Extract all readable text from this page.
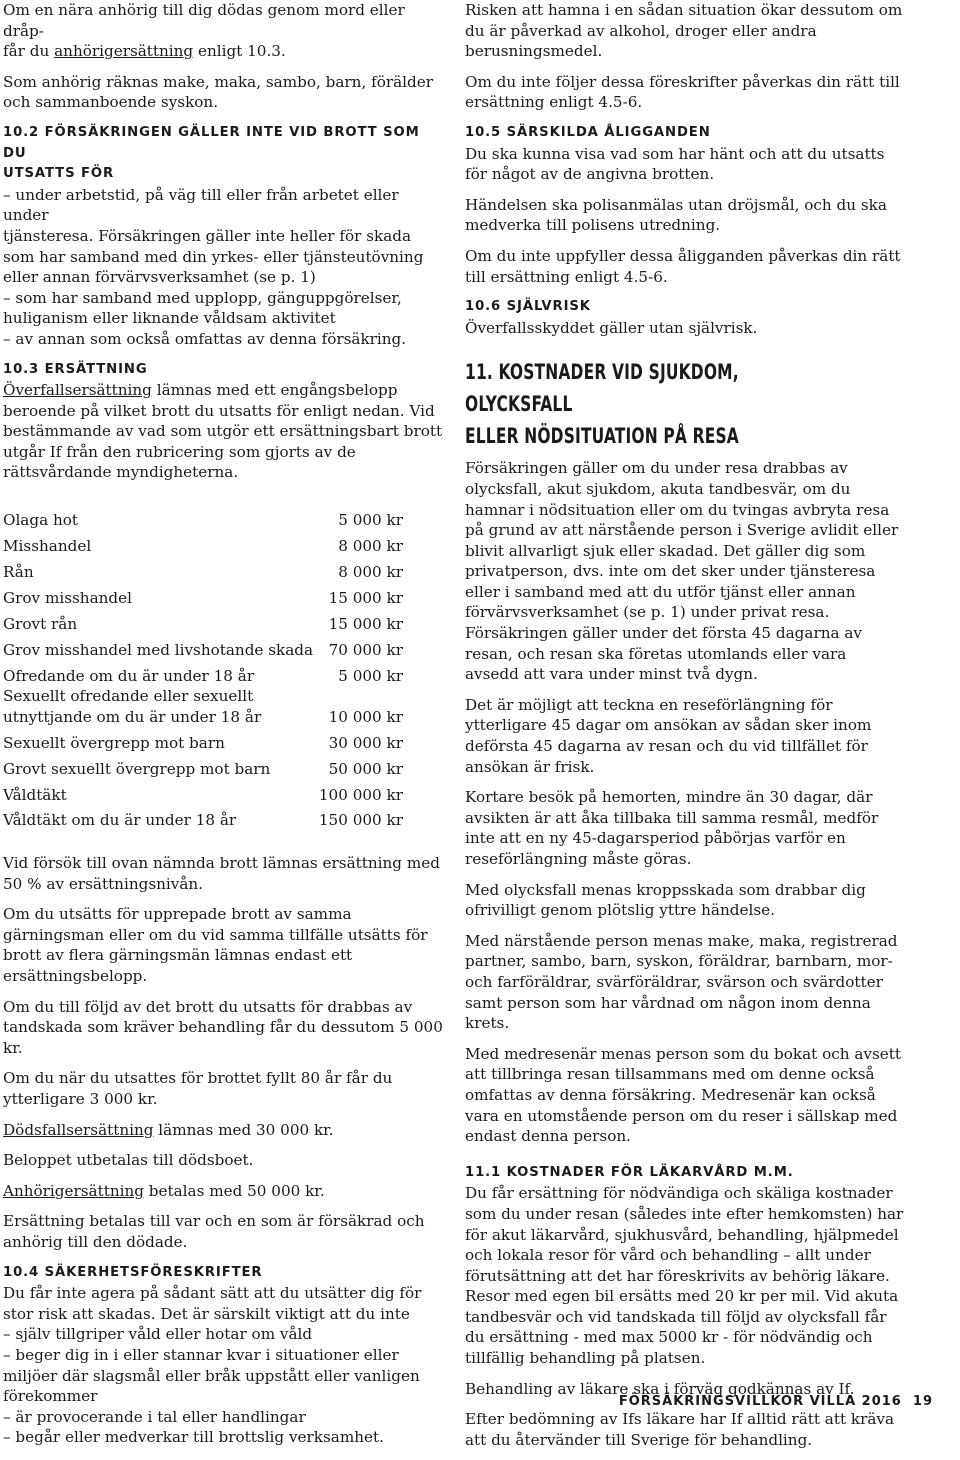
Om en nära anhörig till dig dödas genom mord eller dråp-
får du anhörigersättning enligt 10.3.

Som anhörig räknas make, maka, sambo, barn, förälder och sammanboende syskon.

10.2 FÖRSÄKRINGEN GÄLLER INTE VID BROTT SOM DU
UTSATTS FÖR
– under arbetstid, på väg till eller från arbetet eller under
tjänsteresa. Försäkringen gäller inte heller för skada som har samband med din yrkes- eller tjänsteutövning eller annan förvärvsverksamhet (se p. 1)
– som har samband med upplopp, gänguppgörelser, huliganism eller liknande våldsam aktivitet

– av annan som också omfattas av denna försäkring.

10.3 ERSÄTTNING

Överfallsersättning lämnas med ett engångsbelopp beroende på vilket brott du utsatts för enligt nedan. Vid bestämmande av vad som utgör ett ersättningsbart brott utgår If från den rubricering som gjorts av de rättsvårdande myndigheterna.

Olaga hot	5 000 kr
Misshandel	8 000 kr
Rån	8 000 kr
Grov misshandel	15 000 kr
Grovt rån	15 000 kr
Grov misshandel med livshotande skada	70 000 kr
Ofredande om du är under 18 år	5 000 kr
Sexuellt ofredande eller sexuellt utnyttjande om du är under 18 år	10 000 kr
Sexuellt övergrepp mot barn	30 000 kr
Grovt sexuellt övergrepp mot barn	50 000 kr
Våldtäkt	100 000 kr
Våldtäkt om du är under 18 år	150 000 kr

Vid försök till ovan nämnda brott lämnas ersättning med 50 % av ersättningsnivån.

Om du utsätts för upprepade brott av samma gärningsman eller om du vid samma tillfälle utsätts för brott av flera gärningsmän lämnas endast ett ersättningsbelopp.

Om du till följd av det brott du utsatts för drabbas av tandskada som kräver behandling får du dessutom 5 000 kr.

Om du när du utsattes för brottet fyllt 80 år får du ytterligare 3 000 kr.

Dödsfallsersättning lämnas med 30 000 kr.

Beloppet utbetalas till dödsboet.

Anhörigersättning betalas med 50 000 kr.

Ersättning betalas till var och en som är försäkrad och anhörig till den dödade.

10.4 SÄKERHETSFÖRESKRIFTER
Du får inte agera på sådant sätt att du utsätter dig för stor risk att skadas. Det är särskilt viktigt att du inte
– själv tillgriper våld eller hotar om våld
– beger dig in i eller stannar kvar i situationer eller miljöer där slagsmål eller bråk uppstått eller vanligen förekommer
– är provocerande i tal eller handlingar
– begår eller medverkar till brottslig verksamhet.

Risken att hamna i en sådan situation ökar dessutom om du är påverkad av alkohol, droger eller andra berusningsmedel.

Om du inte följer dessa föreskrifter påverkas din rätt till ersättning enligt 4.5-6.

10.5 SÄRSKILDA ÅLIGGANDEN

Du ska kunna visa vad som har hänt och att du utsatts för något av de angivna brotten.

Händelsen ska polisanmälas utan dröjsmål, och du ska medverka till polisens utredning.

Om du inte uppfyller dessa åligganden påverkas din rätt till ersättning enligt 4.5-6.

10.6 SJÄLVRISK

Överfallsskyddet gäller utan självrisk.

11. KOSTNADER VID SJUKDOM, OLYCKSFALL
ELLER NÖDSITUATION PÅ RESA

Försäkringen gäller om du under resa drabbas av olycksfall, akut sjukdom, akuta tandbesvär, om du hamnar i nödsituation eller om du tvingas avbryta resa på grund av att närstående person i Sverige avlidit eller blivit allvarligt sjuk eller skadad. Det gäller dig som privatperson, dvs. inte om det sker under tjänsteresa eller i samband med att du utför tjänst eller annan förvärvsverksamhet (se p. 1) under privat resa. Försäkringen gäller under det första 45 dagarna av resan, och resan ska företas utomlands eller vara avsedd att vara under minst två dygn.

Det är möjligt att teckna en reseförlängning för ytterligare 45 dagar om ansökan av sådan sker inom deförsta 45 dagarna av resan och du vid tillfället för ansökan är frisk.

Kortare besök på hemorten, mindre än 30 dagar, där avsikten är att åka tillbaka till samma resmål, medför inte att en ny 45-dagarsperiod påbörjas varför en reseförlängning måste göras.

Med olycksfall menas kroppsskada som drabbar dig ofrivilligt genom plötslig yttre händelse.

Med närstående person menas make, maka, registrerad partner, sambo, barn, syskon, föräldrar, barnbarn, mor- och farföräldrar, svärföräldrar, svärson och svärdotter samt person som har vårdnad om någon inom denna krets.

Med medresenär menas person som du bokat och avsett att tillbringa resan tillsammans med om denne också omfattas av denna försäkring. Medresenär kan också vara en utomstående person om du reser i sällskap med endast denna person.

11.1 KOSTNADER FÖR LÄKARVÅRD M.M.

Du får ersättning för nödvändiga och skäliga kostnader som du under resan (således inte efter hemkomsten) har för akut läkarvård, sjukhusvård, behandling, hjälpmedel och lokala resor för vård och behandling – allt under förutsättning att det har föreskrivits av behörig läkare. Resor med egen bil ersätts med 20 kr per mil. Vid akuta tandbesvär och vid tandskada till följd av olycksfall får du ersättning - med max 5000 kr - för nödvändig och tillfällig behandling på platsen.

Behandling av läkare ska i förväg godkännas av If.

Efter bedömning av Ifs läkare har If alltid rätt att kräva att du återvänder till Sverige för behandling.

FÖRSÄKRINGSVILLKOR VILLA 2016 19
